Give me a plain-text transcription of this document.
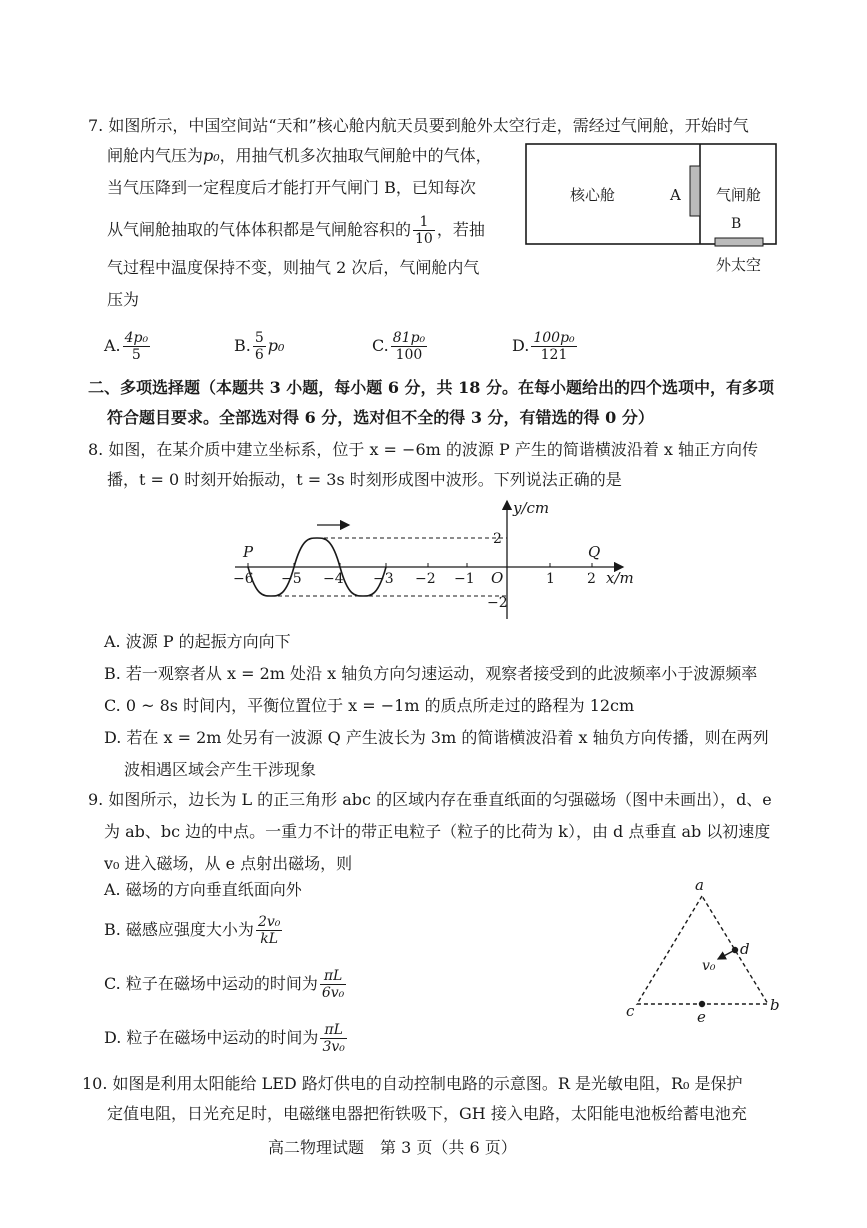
7. 如图所示，中国空间站“天和”核心舱内航天员要到舱外太空行走，需经过气闸舱，开始时气
闸舱内气压为p₀，用抽气机多次抽取气闸舱中的气体，
当气压降到一定程度后才能打开气闸门 B，已知每次
从气闸舱抽取的气体体积都是气闸舱容积的 $\frac{1}{10}$ ，若抽
气过程中温度保持不变，则抽气 2 次后，气闸舱内气
压为
核心舱	A 气闸舱
B
外太空
A. $\frac{\text{4p₀}}{5}$	B. $\frac{5}{6} p_0$	C. $\frac{\text{81p₀}}{100}$	D. $\frac{\text{100p₀}}{121}$
二、多项选择题（本题共 3 小题，每小题 6 分，共 18 分。在每小题给出的四个选项中，有多项
符合题目要求。全部选对得 6 分，选对但不全的得 3 分，有错选的得 0 分）
8. 如图，在某介质中建立坐标系，位于 x = −6m 的波源 P 产生的简谐横波沿着 x 轴正方向传
播，t = 0 时刻开始振动，t = 3s 时刻形成图中波形。下列说法正确的是
y/cm
x/m
P	Q
O
2
−2
−6 −5 −4 −3 −2 −1	1 2
A. 波源 P 的起振方向向下
B. 若一观察者从 x = 2m 处沿 x 轴负方向匀速运动，观察者接受到的此波频率小于波源频率
C. 0 ~ 8s 时间内，平衡位置位于 x = −1m 的质点所走过的路程为 12cm
D. 若在 x = 2m 处另有一波源 Q 产生波长为 3m 的简谐横波沿着 x 轴负方向传播，则在两列
波相遇区域会产生干涉现象
9. 如图所示，边长为 L 的正三角形 abc 的区域内存在垂直纸面的匀强磁场（图中未画出），d、e
为 ab、bc 边的中点。一重力不计的带正电粒子（粒子的比荷为 k），由 d 点垂直 ab 以初速度
v₀ 进入磁场，从 e 点射出磁场，则
A. 磁场的方向垂直纸面向外
B. 磁感应强度大小为 $\frac{\text{2v₀}}{kL}$
C. 粒子在磁场中运动的时间为 $\frac{\pi L}{\text{6v₀}}$
D. 粒子在磁场中运动的时间为 $\frac{\pi L}{\text{3v₀}}$
a
b
c
d
e
v₀
10. 如图是利用太阳能给 LED 路灯供电的自动控制电路的示意图。R 是光敏电阻，R₀ 是保护
定值电阻，日光充足时，电磁继电器把衔铁吸下，GH 接入电路，太阳能电池板给蓄电池充
高二物理试题　第 3 页（共 6 页）
